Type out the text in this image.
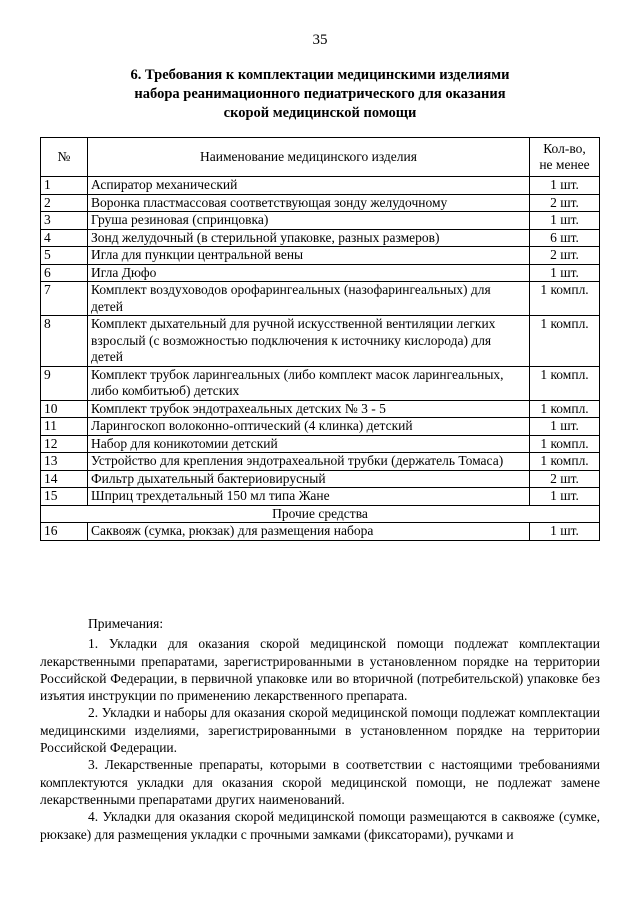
35
6. Требования к комплектации медицинскими изделиями
набора реанимационного педиатрического для оказания
скорой медицинской помощи
№	Наименование медицинского изделия	Кол-во,
не менее
1	Аспиратор механический	1 шт.
2	Воронка пластмассовая соответствующая зонду желудочному	2 шт.
3	Груша резиновая (спринцовка)	1 шт.
4	Зонд желудочный (в стерильной упаковке, разных размеров)	6 шт.
5	Игла для пункции центральной вены	2 шт.
6	Игла Дюфо	1 шт.
7	Комплект воздуховодов орофарингеальных (назофарингеальных) для детей	1 компл.
8	Комплект дыхательный для ручной искусственной вентиляции легких взрослый (с возможностью подключения к источнику кислорода) для детей	1 компл.
9	Комплект трубок ларингеальных (либо комплект масок ларингеальных, либо комбитьюб) детских	1 компл.
10	Комплект трубок эндотрахеальных детских № 3 - 5	1 компл.
11	Ларингоскоп волоконно-оптический (4 клинка) детский	1 шт.
12	Набор для коникотомии детский	1 компл.
13	Устройство для крепления эндотрахеальной трубки (держатель Томаса)	1 компл.
14	Фильтр дыхательный бактериовирусный	2 шт.
15	Шприц трехдетальный 150 мл типа Жане	1 шт.
Прочие средства		
16	Саквояж (сумка, рюкзак) для размещения набора	1 шт.

Примечания:

1. Укладки для оказания скорой медицинской помощи подлежат комплектации лекарственными препаратами, зарегистрированными в установленном порядке на территории Российской Федерации, в первичной упаковке или во вторичной (потребительской) упаковке без изъятия инструкции по применению лекарственного препарата.

2. Укладки и наборы для оказания скорой медицинской помощи подлежат комплектации медицинскими изделиями, зарегистрированными в установленном порядке на территории Российской Федерации.

3. Лекарственные препараты, которыми в соответствии с настоящими требованиями комплектуются укладки для оказания скорой медицинской помощи, не подлежат замене лекарственными препаратами других наименований.

4. Укладки для оказания скорой медицинской помощи размещаются в саквояже (сумке, рюкзаке) для размещения укладки с прочными замками (фиксаторами), ручками и
